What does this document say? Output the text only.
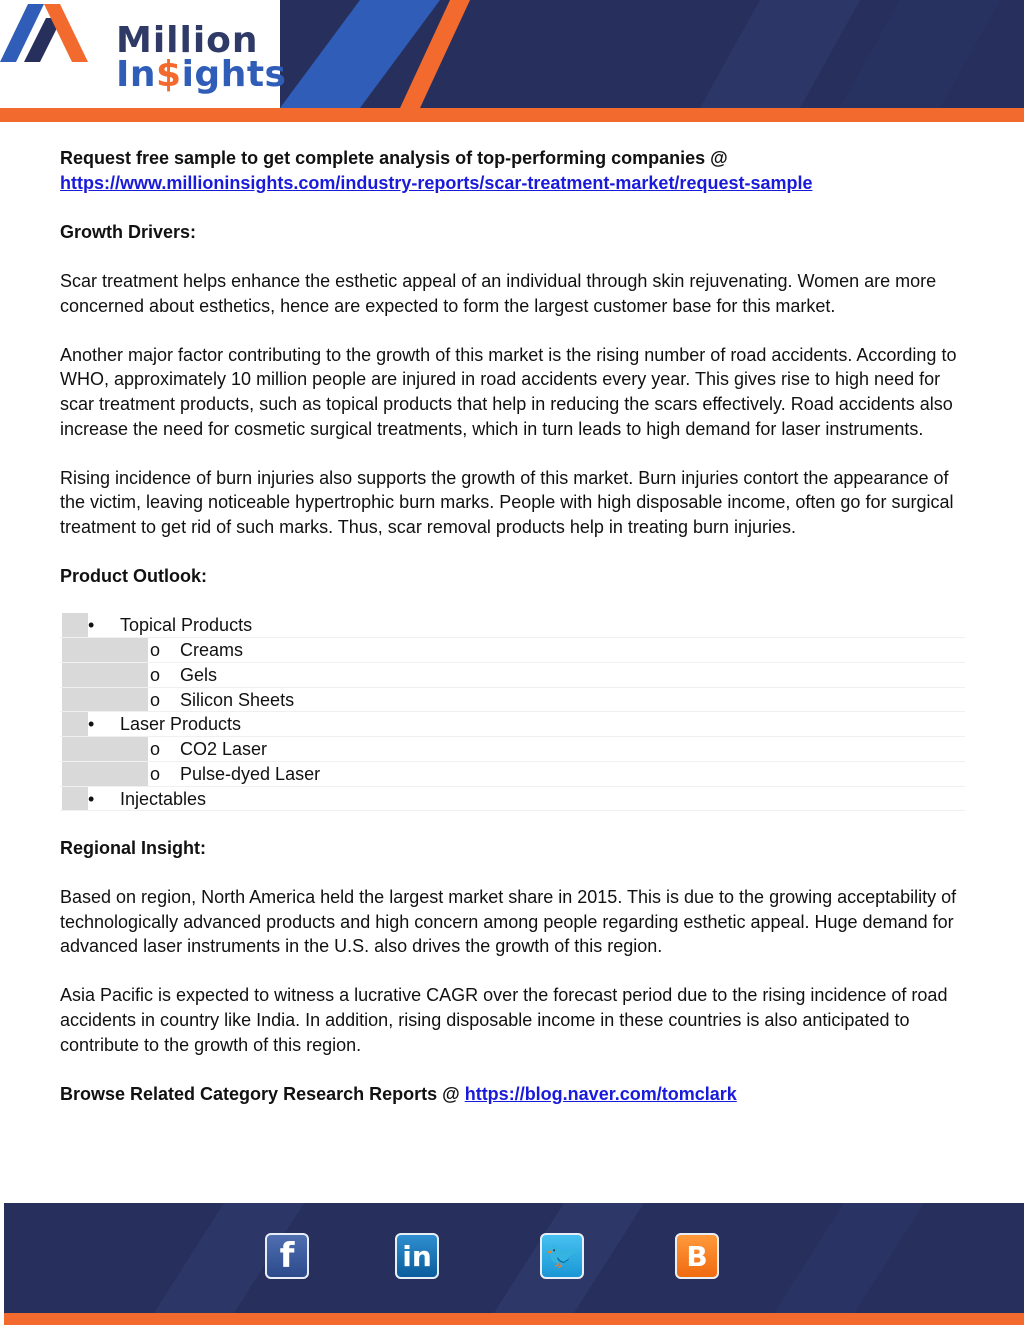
Million
In$ights

Request free sample to get complete analysis of top-performing companies @
https://www.millioninsights.com/industry-reports/scar-treatment-market/request-sample

Growth Drivers:

Scar treatment helps enhance the esthetic appeal of an individual through skin rejuvenating. Women are more concerned about esthetics, hence are expected to form the largest customer base for this market.

Another major factor contributing to the growth of this market is the rising number of road accidents. According to WHO, approximately 10 million people are injured in road accidents every year. This gives rise to high need for scar treatment products, such as topical products that help in reducing the scars effectively. Road accidents also increase the need for cosmetic surgical treatments, which in turn leads to high demand for laser instruments.

Rising incidence of burn injuries also supports the growth of this market. Burn injuries contort the appearance of the victim, leaving noticeable hypertrophic burn marks. People with high disposable income, often go for surgical treatment to get rid of such marks. Thus, scar removal products help in treating burn injuries.

Product Outlook:

•	Topical Products
o	Creams
o	Gels
o	Silicon Sheets
•	Laser Products
o	CO2 Laser
o	Pulse-dyed Laser
•	Injectables

Regional Insight:

Based on region, North America held the largest market share in 2015. This is due to the growing acceptability of technologically advanced products and high concern among people regarding esthetic appeal. Huge demand for advanced laser instruments in the U.S. also drives the growth of this region.

Asia Pacific is expected to witness a lucrative CAGR over the forecast period due to the rising incidence of road accidents in country like India. In addition, rising disposable income in these countries is also anticipated to contribute to the growth of this region.

Browse Related Category Research Reports @ https://blog.naver.com/tomclark

f	in	🐦	B
